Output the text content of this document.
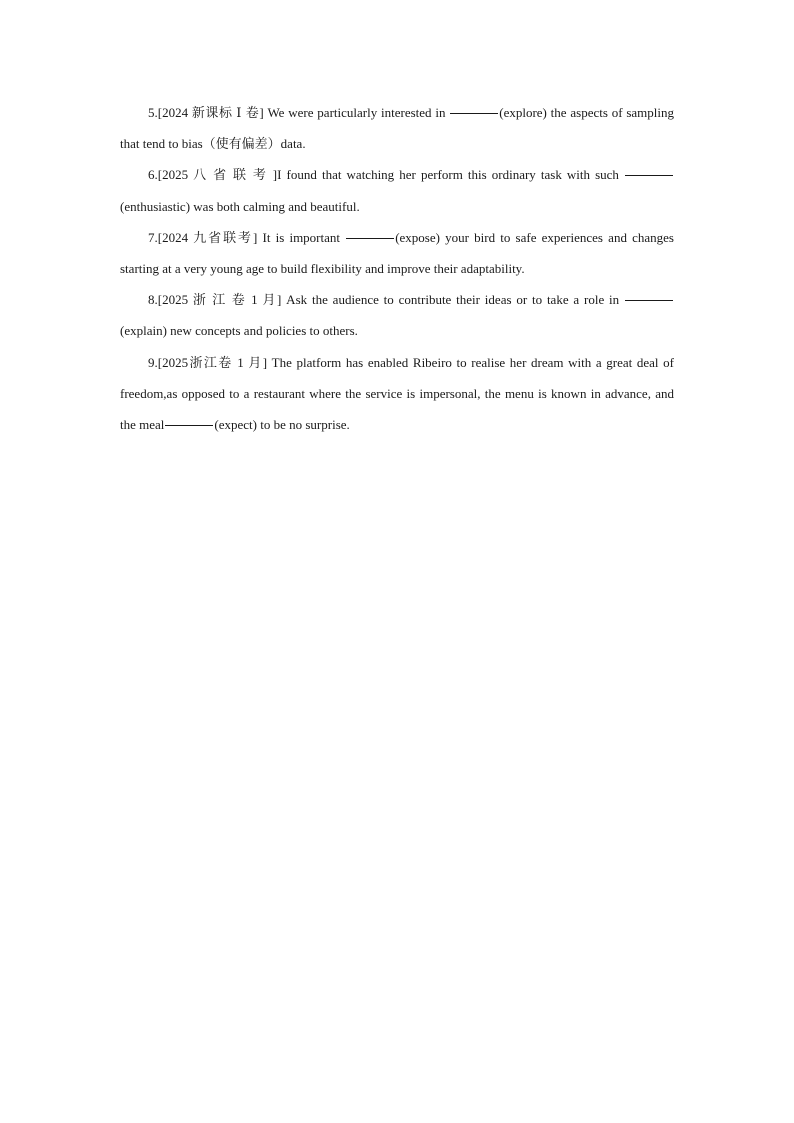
5.[2024 新课标 Ⅰ 卷] We were particularly interested in	(explore) the aspects of sampling that tend to bias（使有偏差）data.

6.[2025 八 省 联 考 ]I found that watching her perform this ordinary task with such (enthusiastic) was both calming and beautiful.

7.[2024 九省联考] It is important	(expose) your bird to safe experiences and changes starting at a very young age to build flexibility and improve their adaptability.

8.[2025 浙 江 卷 1 月] Ask the audience to contribute their ideas or to take a role in (explain) new concepts and policies to others.

9.[2025浙江卷 1 月] The platform has enabled Ribeiro to realise her dream with a great deal of freedom,as opposed to a restaurant where the service is impersonal, the menu is known in advance, and the meal	(expect) to be no surprise.
